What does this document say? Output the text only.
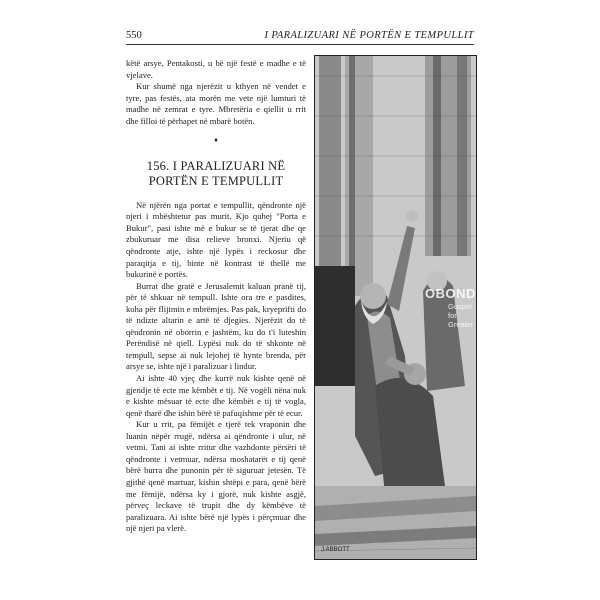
550	I PARALIZUARI NË PORTËN E TEMPULLIT

këtë arsye, Pentakosti, u bë një festë e madhe e të vjelave.

Kur shumë nga njerëzit u kthyen në vendet e tyre, pas festës, ata morën me vete një lumturi të madhe në zemrat e tyre. Mbretëria e qiellit u rrit dhe filloi të përhapet në mbarë botën.

♦
156. I PARALIZUARI NË
PORTËN E TEMPULLIT

Në njërën nga portat e tempullit, qëndronte një njeri i mbështetur pas murit. Kjo quhej "Porta e Bukur", pasi ishte më e bukur se të tjerat dhe qe zbukuruar me disa relieve bronxi. Njeriu që qëndronte atje, ishte një lypës i reckosur dhe paraqitja e tij, binte në kontrast të thellë me bukurinë e portës.

Burrat dhe gratë e Jerusalemit kaluan pranë tij, për të shkuar në tempull. Ishte ora tre e pasdites, koha për flijimin e mbrëmjes. Pas pak, kryeprifti do të ndizte altarin e artë të djegies. Njerëzit do të qëndronin në oborrin e jashtëm, ku do t'i luteshin Perëndisë në qiell. Lypësi nuk do të shkonte në tempull, sepse ai nuk lejohej të hynte brenda, për arsye se, ishte një i paralizuar i lindur.

Ai ishte 40 vjeç dhe kurrë nuk kishte qenë në gjendje të ecte me këmbët e tij. Në vogëli nëna nuk e kishte mësuar të ecte dhe këmbët e tij të vogla, qenë tharë dhe ishin bërë të pafuqishme për të ecur.

Kur u rrit, pa fëmijët e tjerë tek vraponin dhe luanin nëpër rrugë, ndërsa ai qëndronte i ulur, në vetmi. Tani ai ishte rritur dhe vazhdonte përsëri të qëndronte i vetmuar, ndërsa moshatarët e tij qenë bërë burra dhe punonin për të siguruar jetesën. Të gjithë qenë martuar, kishin shtëpi e para, qenë bërë me fëmijë, ndërsa ky i gjorë, nuk kishte asgjë, përveç leckave të trupit dhe dy këmbëve të paralizuara. Ai ishte bërë një lypës i përçmuar dhe një njeri pa vlerë.

OBOND
Gospel for Greater
J.ABBOTT
